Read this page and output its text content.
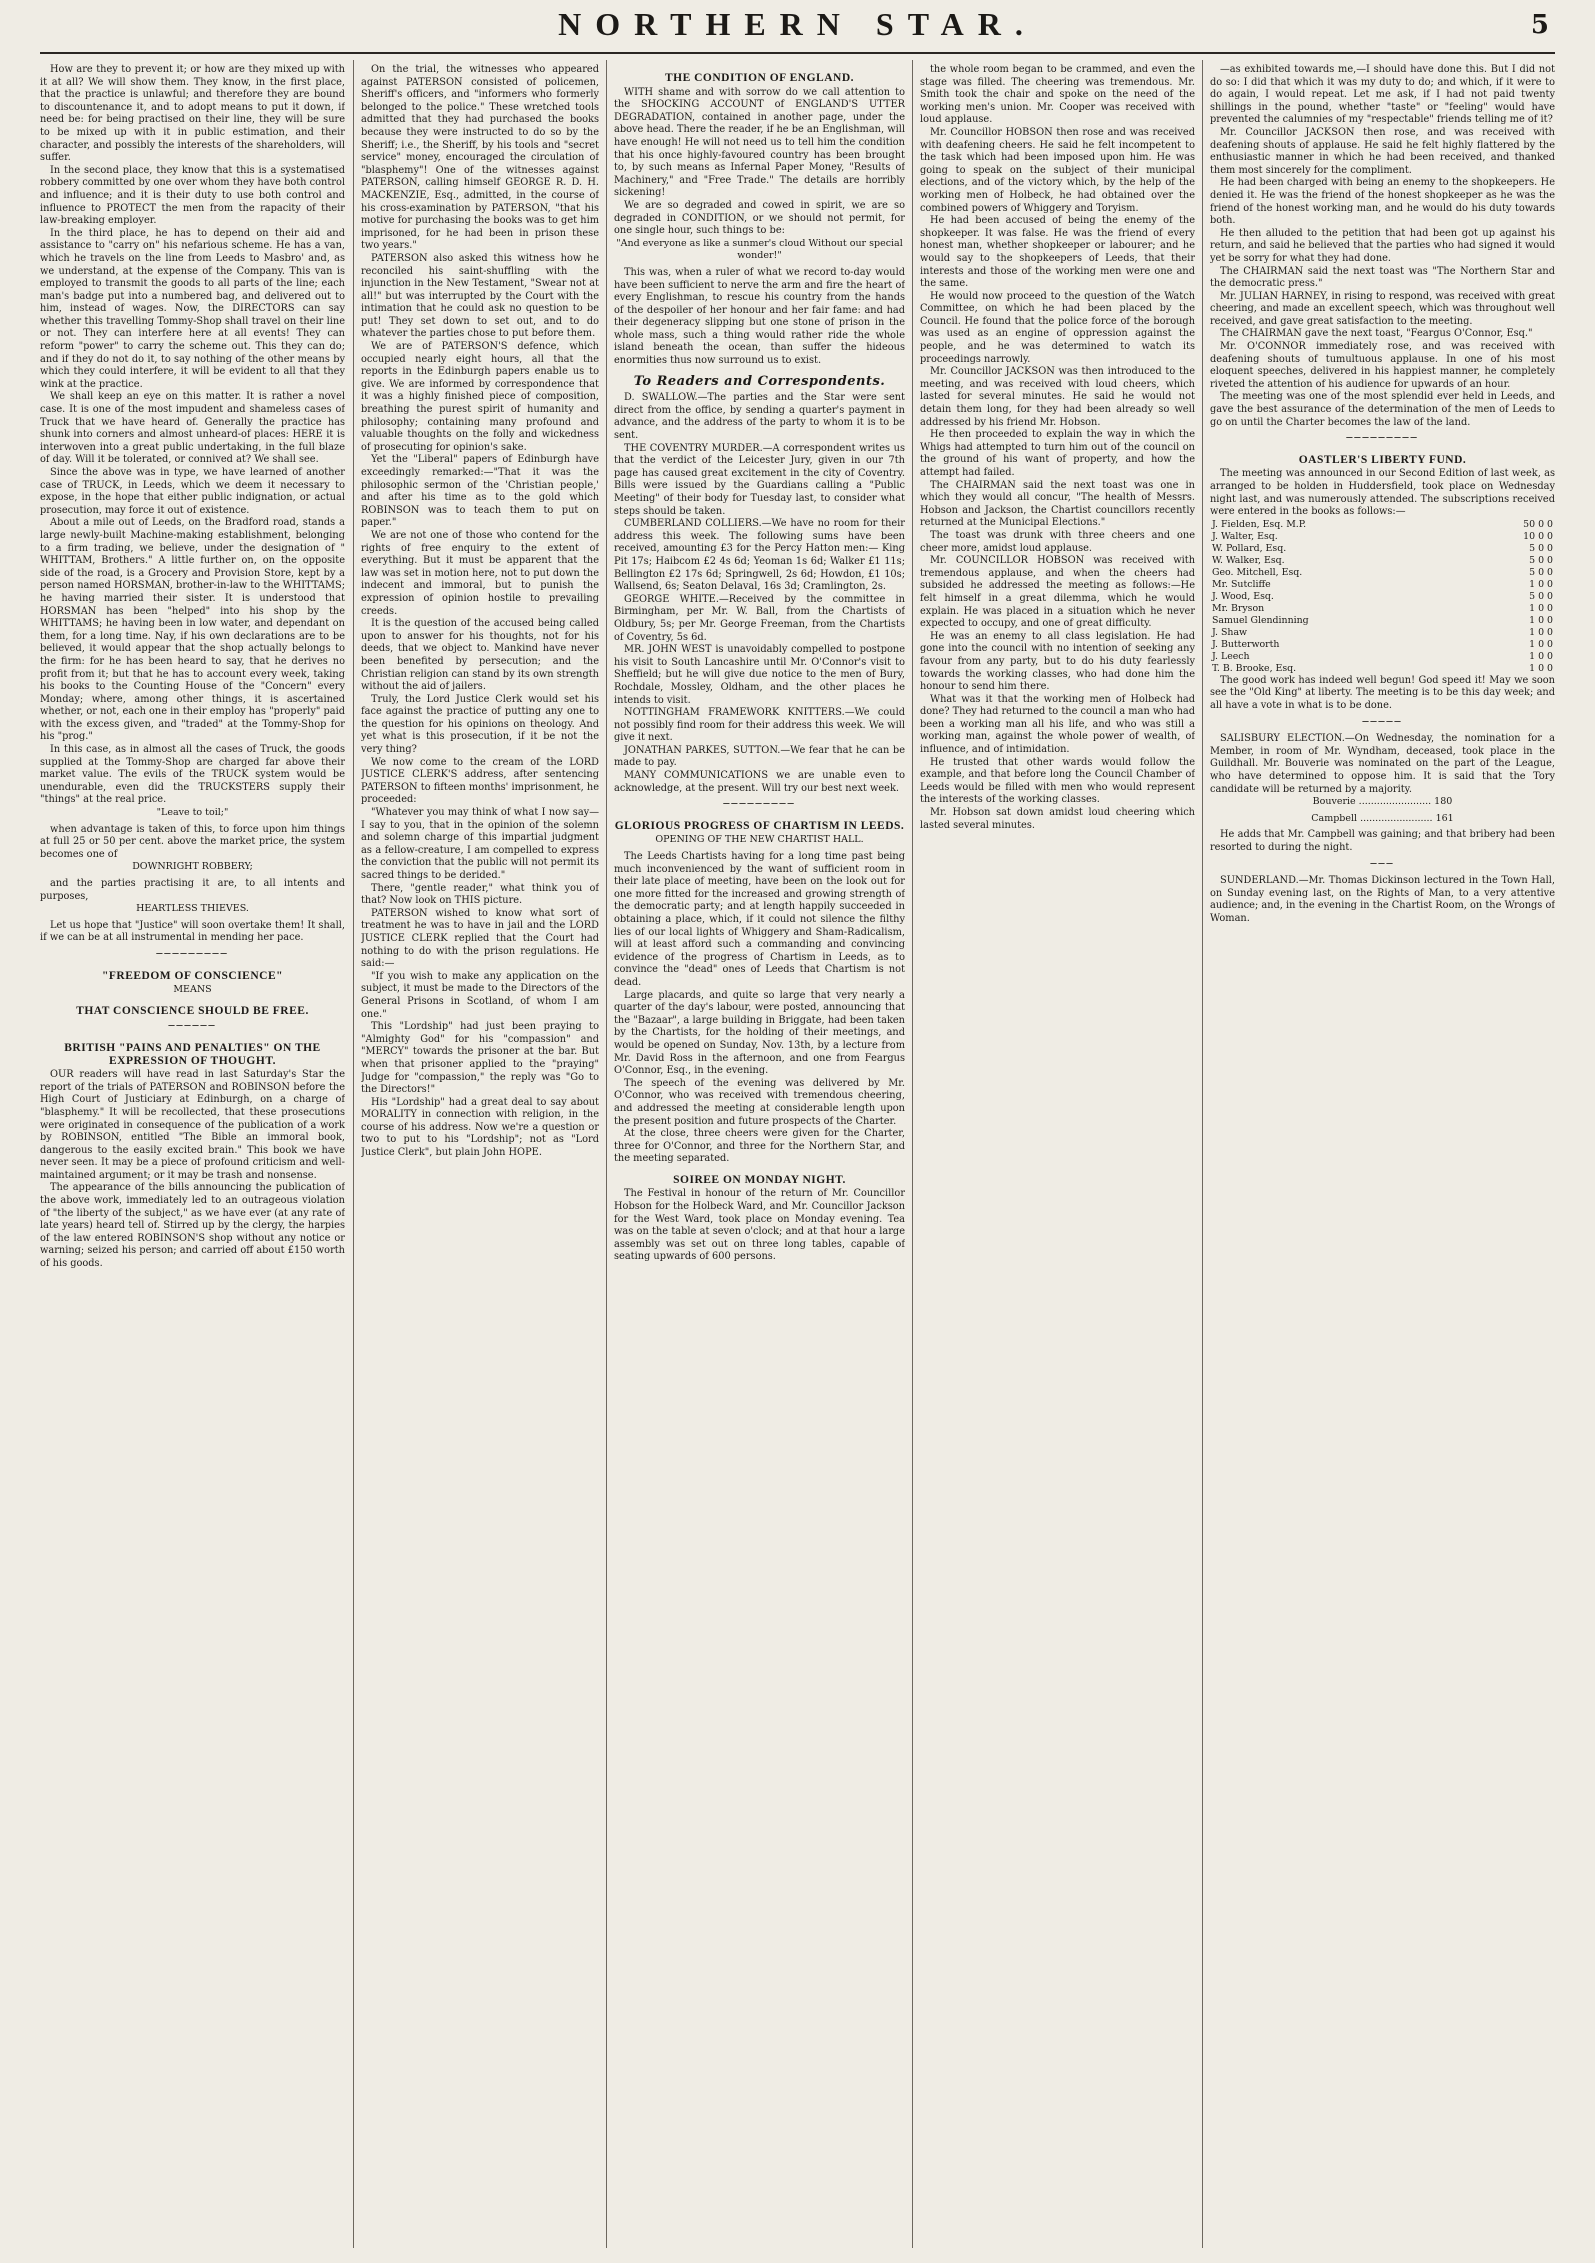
NORTHERN STAR.	5

How are they to prevent it; or how are they mixed up with it at all? We will show them. They know, in the first place, that the practice is unlawful; and therefore they are bound to discountenance it, and to adopt means to put it down, if need be: for being practised on their line, they will be sure to be mixed up with it in public estimation, and their character, and possibly the interests of the shareholders, will suffer.

In the second place, they know that this is a systematised robbery committed by one over whom they have both control and influence; and it is their duty to use both control and influence to PROTECT the men from the rapacity of their law-breaking employer.

In the third place, he has to depend on their aid and assistance to "carry on" his nefarious scheme. He has a van, which he travels on the line from Leeds to Masbro' and, as we understand, at the expense of the Company. This van is employed to transmit the goods to all parts of the line; each man's badge put into a numbered bag, and delivered out to him, instead of wages. Now, the DIRECTORS can say whether this travelling Tommy-Shop shall travel on their line or not. They can interfere here at all events! They can reform "power" to carry the scheme out. This they can do; and if they do not do it, to say nothing of the other means by which they could interfere, it will be evident to all that they wink at the practice.

We shall keep an eye on this matter. It is rather a novel case. It is one of the most impudent and shameless cases of Truck that we have heard of. Generally the practice has shunk into corners and almost unheard-of places: HERE it is interwoven into a great public undertaking, in the full blaze of day. Will it be tolerated, or connived at? We shall see.

Since the above was in type, we have learned of another case of TRUCK, in Leeds, which we deem it necessary to expose, in the hope that either public indignation, or actual prosecution, may force it out of existence.

About a mile out of Leeds, on the Bradford road, stands a large newly-built Machine-making establishment, belonging to a firm trading, we believe, under the designation of " WHITTAM, Brothers." A little further on, on the opposite side of the road, is a Grocery and Provision Store, kept by a person named HORSMAN, brother-in-law to the WHITTAMS; he having married their sister. It is understood that HORSMAN has been "helped" into his shop by the WHITTAMS; he having been in low water, and dependant on them, for a long time. Nay, if his own declarations are to be believed, it would appear that the shop actually belongs to the firm: for he has been heard to say, that he derives no profit from it; but that he has to account every week, taking his books to the Counting House of the "Concern" every Monday; where, among other things, it is ascertained whether, or not, each one in their employ has "properly" paid with the excess given, and "traded" at the Tommy-Shop for his "prog."

In this case, as in almost all the cases of Truck, the goods supplied at the Tommy-Shop are charged far above their market value. The evils of the TRUCK system would be unendurable, even did the TRUCKSTERS supply their "things" at the real price.

"Leave to toil;"

when advantage is taken of this, to force upon him things at full 25 or 50 per cent. above the market price, the system becomes one of

DOWNRIGHT ROBBERY;

and the parties practising it are, to all intents and purposes,

HEARTLESS THIEVES.

Let us hope that "Justice" will soon overtake them! It shall, if we can be at all instrumental in mending her pace.

─────────
"FREEDOM OF CONSCIENCE"
MEANS
THAT CONSCIENCE SHOULD BE FREE.
──────
BRITISH "PAINS AND PENALTIES" ON THE EXPRESSION OF THOUGHT.

OUR readers will have read in last Saturday's Star the report of the trials of PATERSON and ROBINSON before the High Court of Justiciary at Edinburgh, on a charge of "blasphemy." It will be recollected, that these prosecutions were originated in consequence of the publication of a work by ROBINSON, entitled "The Bible an immoral book, dangerous to the easily excited brain." This book we have never seen. It may be a piece of profound criticism and well-maintained argument; or it may be trash and nonsense.

The appearance of the bills announcing the publication of the above work, immediately led to an outrageous violation of "the liberty of the subject," as we have ever (at any rate of late years) heard tell of. Stirred up by the clergy, the harpies of the law entered ROBINSON'S shop without any notice or warning; seized his person; and carried off about £150 worth of his goods.

On the trial, the witnesses who appeared against PATERSON consisted of policemen, Sheriff's officers, and "informers who formerly belonged to the police." These wretched tools admitted that they had purchased the books because they were instructed to do so by the Sheriff; i.e., the Sheriff, by his tools and "secret service" money, encouraged the circulation of "blasphemy"! One of the witnesses against PATERSON, calling himself GEORGE R. D. H. MACKENZIE, Esq., admitted, in the course of his cross-examination by PATERSON, "that his motive for purchasing the books was to get him imprisoned, for he had been in prison these two years."

PATERSON also asked this witness how he reconciled his saint-shuffling with the injunction in the New Testament, "Swear not at all!" but was interrupted by the Court with the intimation that he could ask no question to be put! They set down to set out, and to do whatever the parties chose to put before them.

We are of PATERSON'S defence, which occupied nearly eight hours, all that the reports in the Edinburgh papers enable us to give. We are informed by correspondence that it was a highly finished piece of composition, breathing the purest spirit of humanity and philosophy; containing many profound and valuable thoughts on the folly and wickedness of prosecuting for opinion's sake.

Yet the "Liberal" papers of Edinburgh have exceedingly remarked:—"That it was the philosophic sermon of the 'Christian people,' and after his time as to the gold which ROBINSON was to teach them to put on paper."

We are not one of those who contend for the rights of free enquiry to the extent of everything. But it must be apparent that the law was set in motion here, not to put down the indecent and immoral, but to punish the expression of opinion hostile to prevailing creeds.

It is the question of the accused being called upon to answer for his thoughts, not for his deeds, that we object to. Mankind have never been benefited by persecution; and the Christian religion can stand by its own strength without the aid of jailers.

Truly, the Lord Justice Clerk would set his face against the practice of putting any one to the question for his opinions on theology. And yet what is this prosecution, if it be not the very thing?

We now come to the cream of the LORD JUSTICE CLERK'S address, after sentencing PATERSON to fifteen months' imprisonment, he proceeded:

"Whatever you may think of what I now say—I say to you, that in the opinion of the solemn and solemn charge of this impartial judgment as a fellow-creature, I am compelled to express the conviction that the public will not permit its sacred things to be derided."

There, "gentle reader," what think you of that? Now look on THIS picture.

PATERSON wished to know what sort of treatment he was to have in jail and the LORD JUSTICE CLERK replied that the Court had nothing to do with the prison regulations. He said:—

"If you wish to make any application on the subject, it must be made to the Directors of the General Prisons in Scotland, of whom I am one."

This "Lordship" had just been praying to "Almighty God" for his "compassion" and "MERCY" towards the prisoner at the bar. But when that prisoner applied to the "praying" Judge for "compassion," the reply was "Go to the Directors!"

His "Lordship" had a great deal to say about MORALITY in connection with religion, in the course of his address. Now we're a question or two to put to his "Lordship"; not as "Lord Justice Clerk", but plain John HOPE.

THE CONDITION OF ENGLAND.

WITH shame and with sorrow do we call attention to the SHOCKING ACCOUNT of ENGLAND'S UTTER DEGRADATION, contained in another page, under the above head. There the reader, if he be an Englishman, will have enough! He will not need us to tell him the condition that his once highly-favoured country has been brought to, by such means as Infernal Paper Money, "Results of Machinery," and "Free Trade." The details are horribly sickening!

We are so degraded and cowed in spirit, we are so degraded in CONDITION, or we should not permit, for one single hour, such things to be:

"And everyone as like a sunmer's cloud Without our special wonder!"

This was, when a ruler of what we record to-day would have been sufficient to nerve the arm and fire the heart of every Englishman, to rescue his country from the hands of the despoiler of her honour and her fair fame: and had their degeneracy slipping but one stone of prison in the whole mass, such a thing would rather ride the whole island beneath the ocean, than suffer the hideous enormities thus now surround us to exist.

To Readers and Correspondents.

D. SWALLOW.—The parties and the Star were sent direct from the office, by sending a quarter's payment in advance, and the address of the party to whom it is to be sent.

THE COVENTRY MURDER.—A correspondent writes us that the verdict of the Leicester Jury, given in our 7th page has caused great excitement in the city of Coventry. Bills were issued by the Guardians calling a "Public Meeting" of their body for Tuesday last, to consider what steps should be taken.

CUMBERLAND COLLIERS.—We have no room for their address this week. The following sums have been received, amounting £3 for the Percy Hatton men:— King Pit 17s; Haibcom £2 4s 6d; Yeoman 1s 6d; Walker £1 11s; Bellington £2 17s 6d; Springwell, 2s 6d; Howdon, £1 10s; Wallsend, 6s; Seaton Delaval, 16s 3d; Cramlington, 2s.

GEORGE WHITE.—Received by the committee in Birmingham, per Mr. W. Ball, from the Chartists of Oldbury, 5s; per Mr. George Freeman, from the Chartists of Coventry, 5s 6d.

MR. JOHN WEST is unavoidably compelled to postpone his visit to South Lancashire until Mr. O'Connor's visit to Sheffield; but he will give due notice to the men of Bury, Rochdale, Mossley, Oldham, and the other places he intends to visit.

NOTTINGHAM FRAMEWORK KNITTERS.—We could not possibly find room for their address this week. We will give it next.

JONATHAN PARKES, SUTTON.—We fear that he can be made to pay.

MANY COMMUNICATIONS we are unable even to acknowledge, at the present. Will try our best next week.

─────────
GLORIOUS PROGRESS OF CHARTISM IN LEEDS.
OPENING OF THE NEW CHARTIST HALL.

The Leeds Chartists having for a long time past being much inconvenienced by the want of sufficient room in their late place of meeting, have been on the look out for one more fitted for the increased and growing strength of the democratic party; and at length happily succeeded in obtaining a place, which, if it could not silence the filthy lies of our local lights of Whiggery and Sham-Radicalism, will at least afford such a commanding and convincing evidence of the progress of Chartism in Leeds, as to convince the "dead" ones of Leeds that Chartism is not dead.

Large placards, and quite so large that very nearly a quarter of the day's labour, were posted, announcing that the "Bazaar", a large building in Briggate, had been taken by the Chartists, for the holding of their meetings, and would be opened on Sunday, Nov. 13th, by a lecture from Mr. David Ross in the afternoon, and one from Feargus O'Connor, Esq., in the evening.

The speech of the evening was delivered by Mr. O'Connor, who was received with tremendous cheering, and addressed the meeting at considerable length upon the present position and future prospects of the Charter.

At the close, three cheers were given for the Charter, three for O'Connor, and three for the Northern Star, and the meeting separated.

SOIREE ON MONDAY NIGHT.

The Festival in honour of the return of Mr. Councillor Hobson for the Holbeck Ward, and Mr. Councillor Jackson for the West Ward, took place on Monday evening. Tea was on the table at seven o'clock; and at that hour a large assembly was set out on three long tables, capable of seating upwards of 600 persons.

the whole room began to be crammed, and even the stage was filled. The cheering was tremendous. Mr. Smith took the chair and spoke on the need of the working men's union. Mr. Cooper was received with loud applause.

Mr. Councillor HOBSON then rose and was received with deafening cheers. He said he felt incompetent to the task which had been imposed upon him. He was going to speak on the subject of their municipal elections, and of the victory which, by the help of the working men of Holbeck, he had obtained over the combined powers of Whiggery and Toryism.

He had been accused of being the enemy of the shopkeeper. It was false. He was the friend of every honest man, whether shopkeeper or labourer; and he would say to the shopkeepers of Leeds, that their interests and those of the working men were one and the same.

He would now proceed to the question of the Watch Committee, on which he had been placed by the Council. He found that the police force of the borough was used as an engine of oppression against the people, and he was determined to watch its proceedings narrowly.

Mr. Councillor JACKSON was then introduced to the meeting, and was received with loud cheers, which lasted for several minutes. He said he would not detain them long, for they had been already so well addressed by his friend Mr. Hobson.

He then proceeded to explain the way in which the Whigs had attempted to turn him out of the council on the ground of his want of property, and how the attempt had failed.

The CHAIRMAN said the next toast was one in which they would all concur, "The health of Messrs. Hobson and Jackson, the Chartist councillors recently returned at the Municipal Elections."

The toast was drunk with three cheers and one cheer more, amidst loud applause.

Mr. COUNCILLOR HOBSON was received with tremendous applause, and when the cheers had subsided he addressed the meeting as follows:—He felt himself in a great dilemma, which he would explain. He was placed in a situation which he never expected to occupy, and one of great difficulty.

He was an enemy to all class legislation. He had gone into the council with no intention of seeking any favour from any party, but to do his duty fearlessly towards the working classes, who had done him the honour to send him there.

What was it that the working men of Holbeck had done? They had returned to the council a man who had been a working man all his life, and who was still a working man, against the whole power of wealth, of influence, and of intimidation.

He trusted that other wards would follow the example, and that before long the Council Chamber of Leeds would be filled with men who would represent the interests of the working classes.

Mr. Hobson sat down amidst loud cheering which lasted several minutes.

—as exhibited towards me,—I should have done this. But I did not do so: I did that which it was my duty to do; and which, if it were to do again, I would repeat. Let me ask, if I had not paid twenty shillings in the pound, whether "taste" or "feeling" would have prevented the calumnies of my "respectable" friends telling me of it?

Mr. Councillor JACKSON then rose, and was received with deafening shouts of applause. He said he felt highly flattered by the enthusiastic manner in which he had been received, and thanked them most sincerely for the compliment.

He had been charged with being an enemy to the shopkeepers. He denied it. He was the friend of the honest shopkeeper as he was the friend of the honest working man, and he would do his duty towards both.

He then alluded to the petition that had been got up against his return, and said he believed that the parties who had signed it would yet be sorry for what they had done.

The CHAIRMAN said the next toast was "The Northern Star and the democratic press."

Mr. JULIAN HARNEY, in rising to respond, was received with great cheering, and made an excellent speech, which was throughout well received, and gave great satisfaction to the meeting.

The CHAIRMAN gave the next toast, "Feargus O'Connor, Esq."

Mr. O'CONNOR immediately rose, and was received with deafening shouts of tumultuous applause. In one of his most eloquent speeches, delivered in his happiest manner, he completely riveted the attention of his audience for upwards of an hour.

The meeting was one of the most splendid ever held in Leeds, and gave the best assurance of the determination of the men of Leeds to go on until the Charter becomes the law of the land.

─────────
OASTLER'S LIBERTY FUND.

The meeting was announced in our Second Edition of last week, as arranged to be holden in Huddersfield, took place on Wednesday night last, and was numerously attended. The subscriptions received were entered in the books as follows:—

J. Fielden, Esq. M.P.	50 0 0
J. Walter, Esq.	10 0 0
W. Pollard, Esq.	5 0 0
W. Walker, Esq.	5 0 0
Geo. Mitchell, Esq.	5 0 0
Mr. Sutcliffe	1 0 0
J. Wood, Esq.	5 0 0
Mr. Bryson	1 0 0
Samuel Glendinning	1 0 0
J. Shaw	1 0 0
J. Butterworth	1 0 0
J. Leech	1 0 0
T. B. Brooke, Esq.	1 0 0

The good work has indeed well begun! God speed it! May we soon see the "Old King" at liberty. The meeting is to be this day week; and all have a vote in what is to be done.

─────

SALISBURY ELECTION.—On Wednesday, the nomination for a Member, in room of Mr. Wyndham, deceased, took place in the Guildhall. Mr. Bouverie was nominated on the part of the League, who have determined to oppose him. It is said that the Tory candidate will be returned by a majority.

Bouverie ........................ 180
Campbell ........................ 161

He adds that Mr. Campbell was gaining; and that bribery had been resorted to during the night.

───

SUNDERLAND.—Mr. Thomas Dickinson lectured in the Town Hall, on Sunday evening last, on the Rights of Man, to a very attentive audience; and, in the evening in the Chartist Room, on the Wrongs of Woman.
